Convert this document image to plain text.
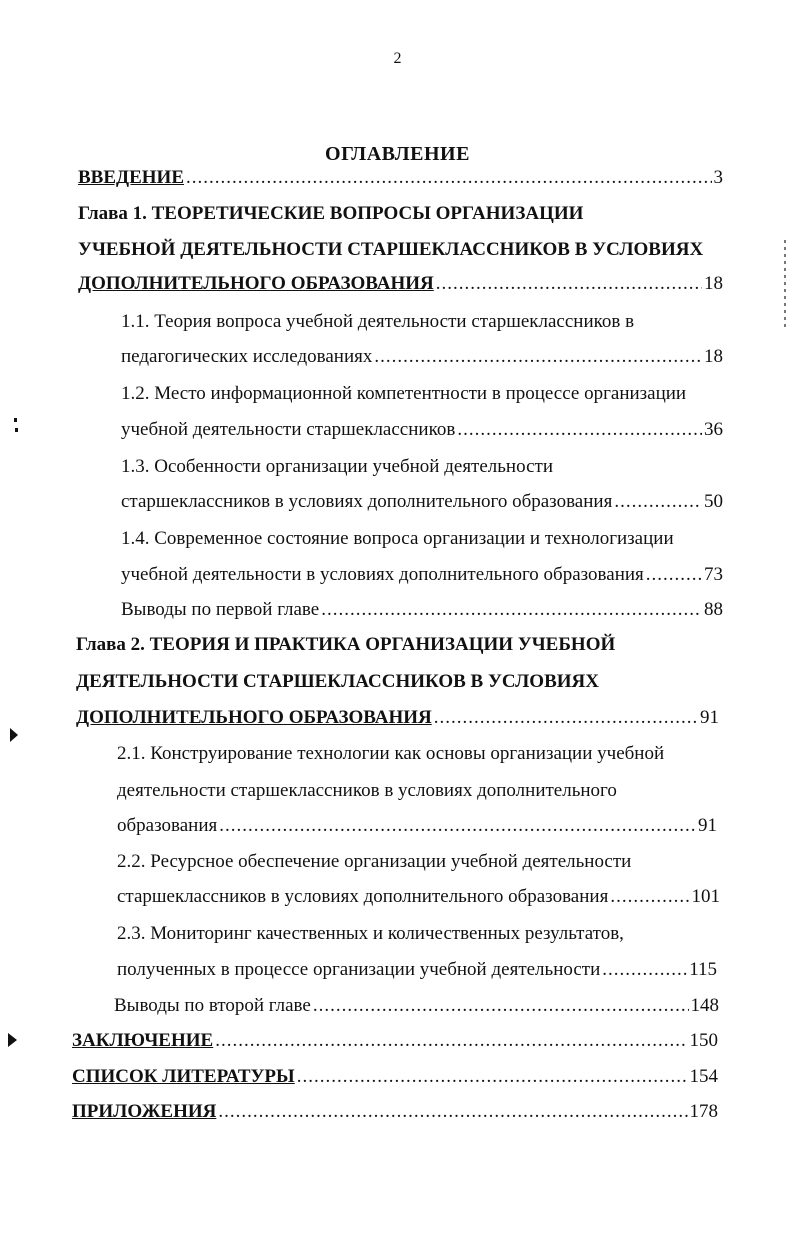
2
ОГЛАВЛЕНИЕ
ВВЕДЕНИЕ .....	3
Глава 1. ТЕОРЕТИЧЕСКИЕ ВОПРОСЫ ОРГАНИЗАЦИИ
УЧЕБНОЙ ДЕЯТЕЛЬНОСТИ СТАРШЕКЛАССНИКОВ В УСЛОВИЯХ
ДОПОЛНИТЕЛЬНОГО ОБРАЗОВАНИЯ .....	18
1.1. Теория вопроса учебной деятельности старшеклассников в
педагогических исследованиях .....	18
1.2. Место информационной компетентности в процессе организации
учебной деятельности старшеклассников .....	36
1.3. Особенности организации учебной деятельности
старшеклассников в условиях дополнительного образования .....	50
1.4. Современное состояние вопроса организации и технологизации
учебной деятельности в условиях дополнительного образования .....	73
Выводы по первой главе .....	88
Глава 2. ТЕОРИЯ И ПРАКТИКА ОРГАНИЗАЦИИ УЧЕБНОЙ
ДЕЯТЕЛЬНОСТИ СТАРШЕКЛАССНИКОВ В УСЛОВИЯХ
ДОПОЛНИТЕЛЬНОГО ОБРАЗОВАНИЯ .....	91
2.1. Конструирование технологии как основы организации учебной
деятельности старшеклассников в условиях дополнительного
образования .....	91
2.2. Ресурсное обеспечение организации учебной деятельности
старшеклассников в условиях дополнительного образования .....	101
2.3. Мониторинг качественных и количественных результатов,
полученных в процессе организации учебной деятельности .....	115
Выводы по второй главе .....	148
ЗАКЛЮЧЕНИЕ .....	150
СПИСОК ЛИТЕРАТУРЫ .....	154
ПРИЛОЖЕНИЯ .....	178
